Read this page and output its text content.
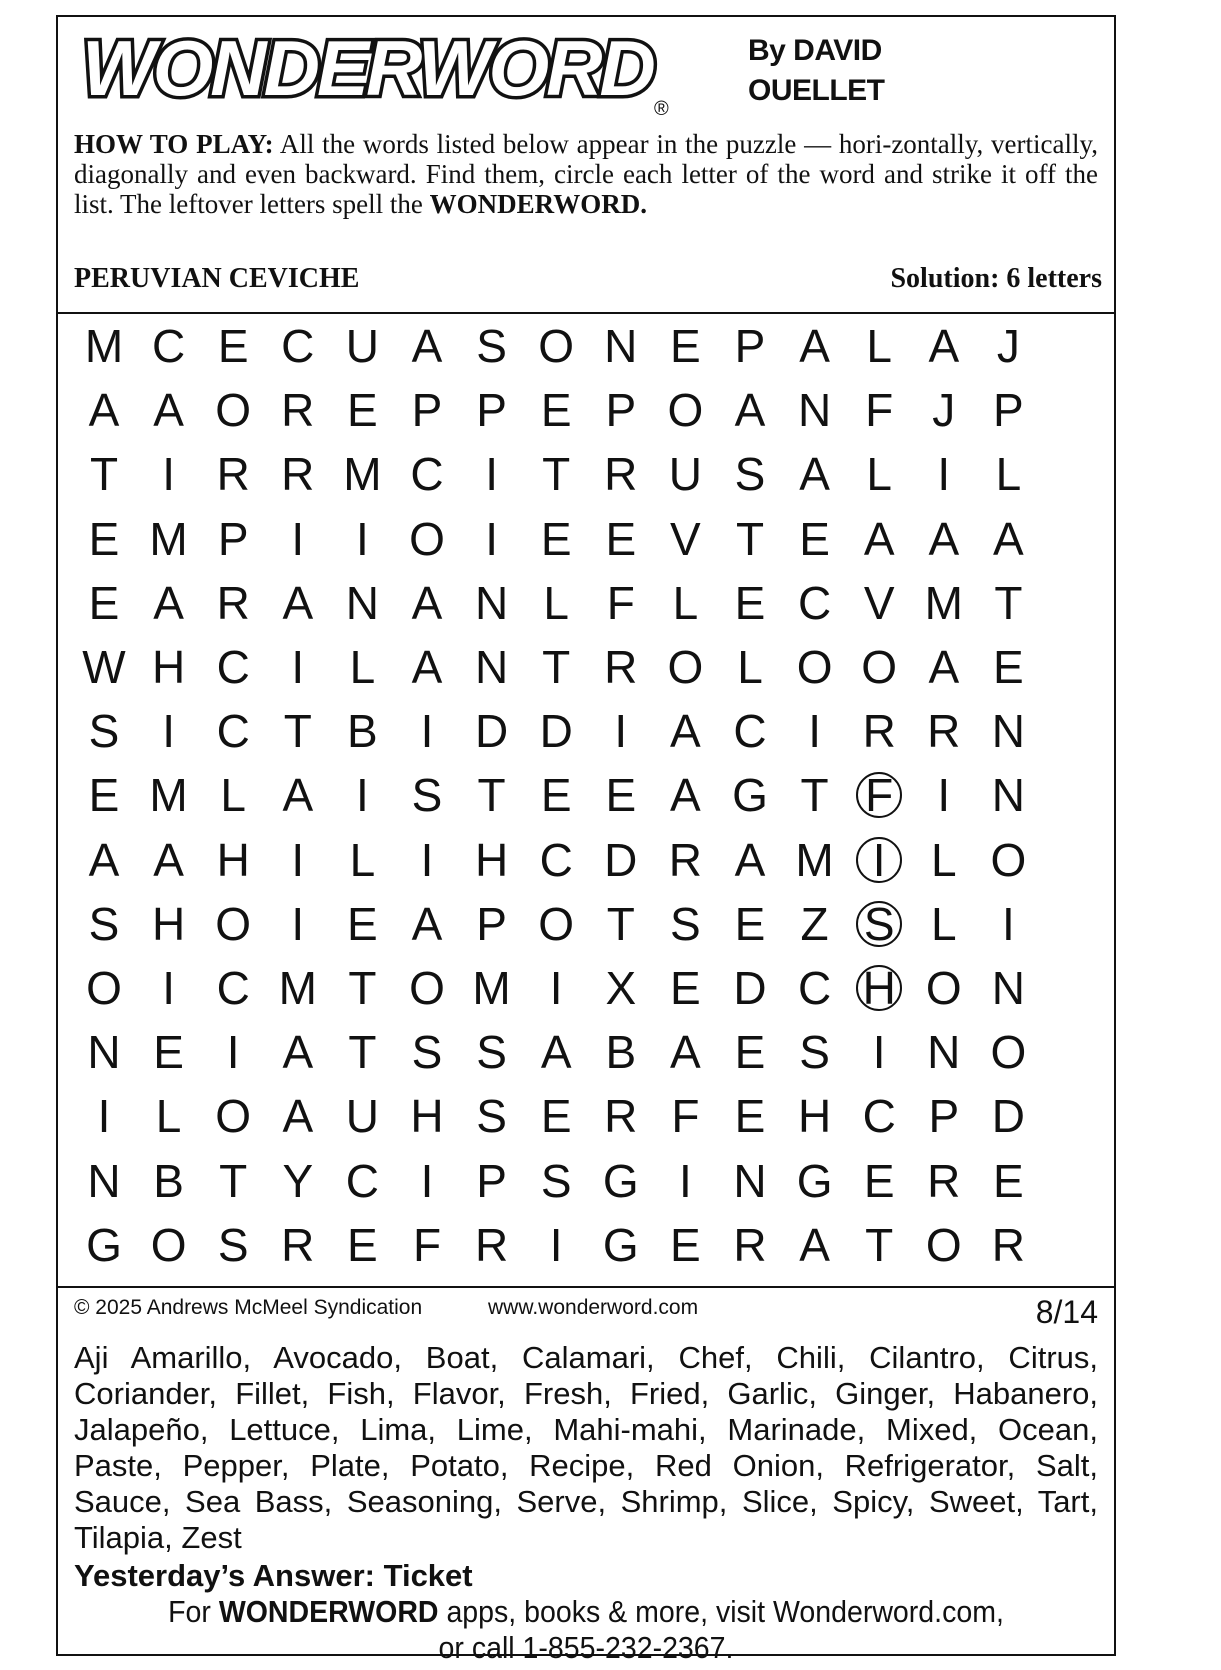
WONDERWORD ®
By DAVID
OUELLET
HOW TO PLAY: All the words listed below appear in the puzzle — hori-zontally, vertically, diagonally and even backward. Find them, circle each letter of the word and strike it off the list. The leftover letters spell the WONDERWORD.
PERUVIAN CEVICHE	Solution: 6 letters
M C E C U A S O N E P A L A J
A A O R E P P E P O A N F J P
T I R R M C I T R U S A L I L
E M P I	I O I E E V T E A A A
E A R A N A N L F L E C V M T
W H C I L A N T R O L O O A E
S I C T B I D D I A C I R R N
E M L A I S T E E A G T F I N
A A H I L I H C D R A M I L O
S H O I E A P O T S E Z S L I
O I C M T O M I X E D C H O N
N E I A T S S A B A E S I N O
I L O A U H S E R F E H C P D
N B T Y C I P S G I N G E R E
G O S R E F R I G E R A T O R
© 2025 Andrews McMeel Syndication	www.wonderword.com	8/14
Aji Amarillo, Avocado, Boat, Calamari, Chef, Chili, Cilantro, Citrus, Coriander, Fillet, Fish, Flavor, Fresh, Fried, Garlic, Ginger, Habanero, Jalapeño, Lettuce, Lima, Lime, Mahi-mahi, Marinade, Mixed, Ocean, Paste, Pepper, Plate, Potato, Recipe, Red Onion, Refrigerator, Salt, Sauce, Sea Bass, Seasoning, Serve, Shrimp, Slice, Spicy, Sweet, Tart, Tilapia, Zest
Yesterday’s Answer: Ticket
For WONDERWORD apps, books & more, visit Wonderword.com,
or call 1-855-232-2367.
